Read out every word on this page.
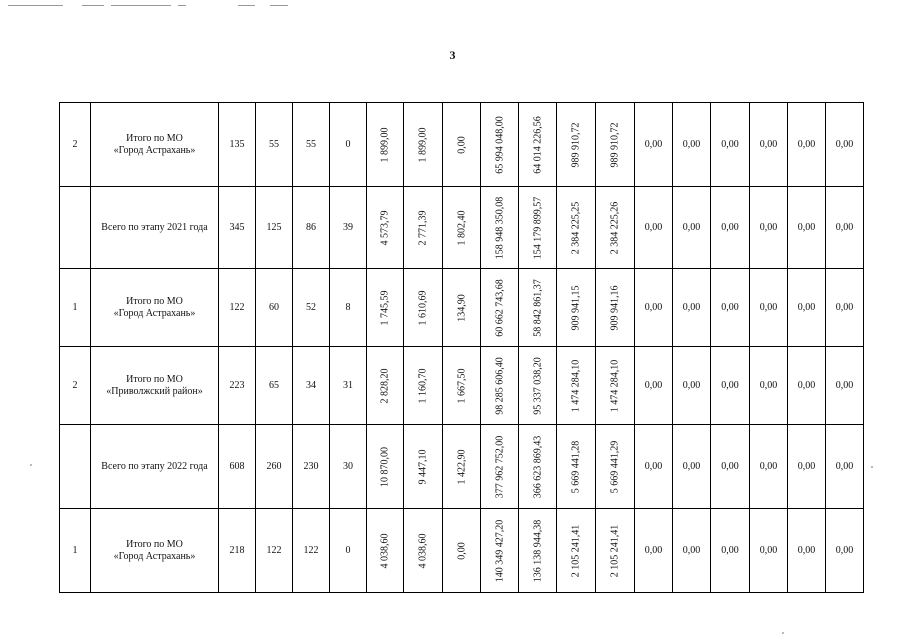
3
2	Итого по МО
«Город Астрахань»	135	55	55	0	1 899,00	1 899,00	0,00	65 994 048,00	64 014 226,56	989 910,72	989 910,72	0,00	0,00	0,00	0,00	0,00	0,00

	Всего по этапу 2021 года	345	125	86	39	4 573,79	2 771,39	1 802,40	158 948 350,08	154 179 899,57	2 384 225,25	2 384 225,26	0,00	0,00	0,00	0,00	0,00	0,00
1	Итого по МО
«Город Астрахань»	122	60	52	8	1 745,59	1 610,69	134,90	60 662 743,68	58 842 861,37	909 941,15	909 941,16	0,00	0,00	0,00	0,00	0,00	0,00
2	Итого по МО
«Приволжский район»	223	65	34	31	2 828,20	1 160,70	1 667,50	98 285 606,40	95 337 038,20	1 474 284,10	1 474 284,10	0,00	0,00	0,00	0,00	0,00	0,00

	Всего по этапу 2022 года	608	260	230	30	10 870,00	9 447,10	1 422,90	377 962 752,00	366 623 869,43	5 669 441,28	5 669 441,29	0,00	0,00	0,00	0,00	0,00	0,00
1	Итого по МО
«Город Астрахань»	218	122	122	0	4 038,60	4 038,60	0,00	140 349 427,20	136 138 944,38	2 105 241,41	2 105 241,41	0,00	0,00	0,00	0,00	0,00	0,00
